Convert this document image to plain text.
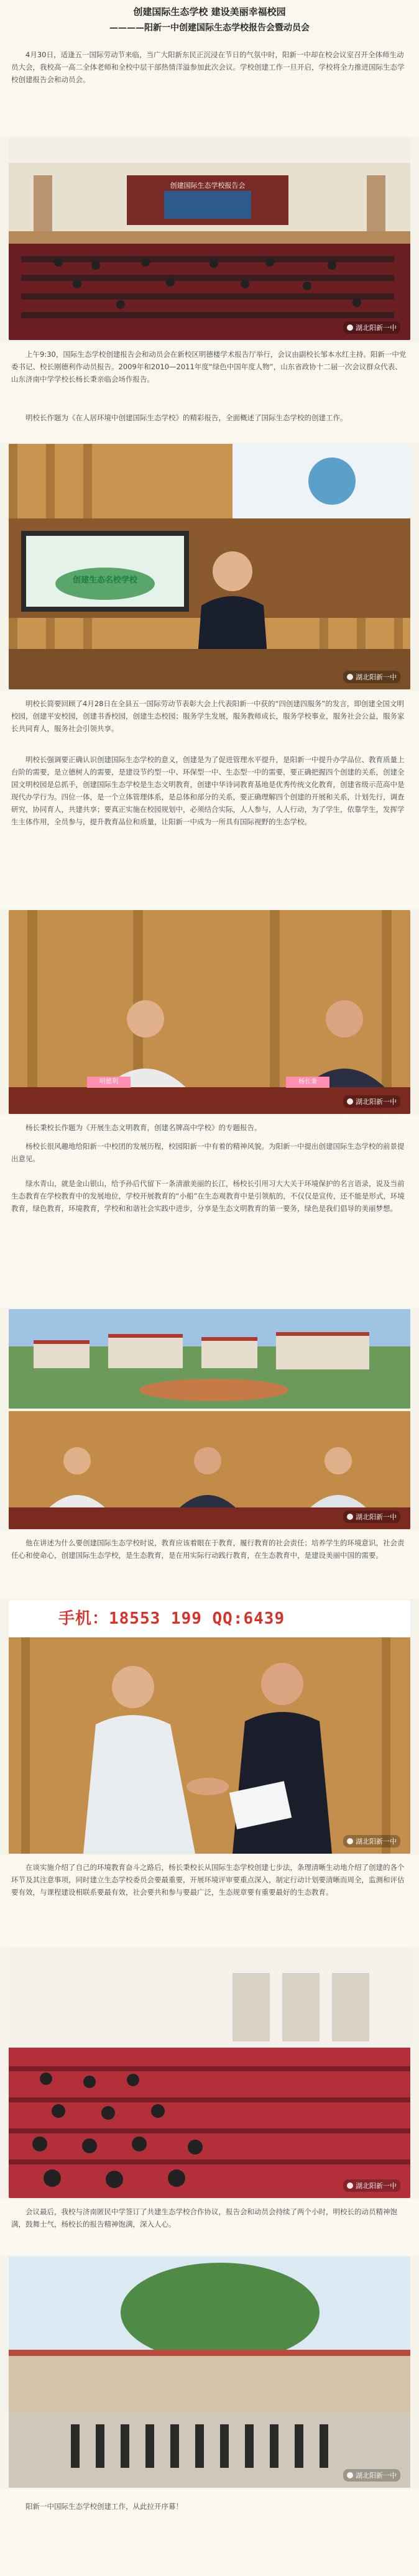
创建国际生态学校 建设美丽幸福校园
————阳新一中创建国际生态学校报告会暨动员会

4月30日，适逢五一国际劳动节来临，当广大阳新东民正沉浸在节日的气氛中时，阳新一中却在校会议室召开全体师生动员大会，我校高一高二全体老师和全校中层干部热情洋溢参加此次会议。学校创建工作一旦开启，学校将全力推进国际生态学校创建报告会和动员会。

创建国际生态学校报告会
湖北阳新一中

上午9:30，国际生态学校创建报告会和动员会在新校区明德楼学术报告厅举行，会议由副校长邹本水红主持。阳新一中党委书记、校长刚德利作动员报告。2009年和2010—2011年度“绿色中国年度人物”，山东省政协十二届一次会议群众代表、山东济南中学学校长杨长秉亲临会场作报告。

明校长作题为《在人居环境中创建国际生态学校》的精彩报告，全面概述了国际生态学校的创建工作。

创建生态名校学校
湖北阳新一中

明校长简要回顾了4月28日在全县五一国际劳动节表彰大会上代表阳新一中获的“四创建四服务”的发言，即创建全国文明校园，创建平安校园，创建书香校园，创建生态校园；服务学生发展，服务教师成长，服务学校事业，服务社会公益，服务家长共同育人，服务社会引领共享。

明校长强调要正确认识创建国际生态学校的意义，创建是为了促进管理水平提升，是阳新一中提升办学品位、教育质量上台阶的需要，是立德树人的需要，是建设节约型一中、环保型一中、生态型一中的需要，要正确把握四个创建的关系，创建全国文明校园是总抓手，创建国际生态学校是生态文明教育，创建中华诗词教育基地是优秀传统文化教育，创建省级示范高中是现代办学行为。四位一体，是一个立体管理体系，是总体和部分的关系，要正确理解四个创建的开展和关系，计划先行，调查研究，协同育人，共建共享；要真正实施在校园规划中，必须结合实际，人人参与，人人行动，为了学生，依靠学生，发挥学生主体作用，全员参与，提升教育品位和质量，让阳新一中成为一所具有国际视野的生态学校。

明德利	杨长秉
湖北阳新一中

杨长秉校长作题为《开展生态文明教育，创建名牌高中学校》的专题报告。

杨校长很风趣地给阳新一中校团的发展历程，校园阳新一中有着的精神风貌。为阳新一中提出创建国际生态学校的前景提出意见。

绿水青山，就是金山银山，给予孙后代留下一条清澈美丽的长江，杨校长引用习大大关于环境保护的名言语录，说及当前生态教育在学校教育中的发展地位，学校开展教育的“小船”在生态观教育中是引领航的，不仅仅是宣传，还不能是形式，环境教育，绿色教育，环境教育，学校和和谐社会实践中进步，分享是生态文明教育的第一要务，绿色是我们倡导的美丽梦想。

湖北阳新一中

他在讲述为什么要创建国际生态学校时说，教育应该着眼在于教育，履行教育的社会责任；培养学生的环境意识，社会责任心和使命心，创建国际生态学校，是生态教育，是在用实际行动践行教育，在生态教育中，是建设美丽中国的需要。

手机：18553 199 QQ:6439
湖北阳新一中

在谈实施介绍了自己的环境教育奋斗之路后，杨长秉校长从国际生态学校创建七步法，条理清晰生动地介绍了创建的各个环节及其注意事项，同时建立生态学校委员会要最重要，开展环境评审要重点深入，制定行动计划要清晰而周全，监测和评估要有效，与课程建设相联系要最有效，社会要共和参与要最广泛，生态规章要有重要最好的生态教育。

湖北阳新一中

会议最后，我校与济南匿民中学签订了共建生态学校合作协议，报告会和动员会持续了两个小时，明校长的动员精神饱满，鼓舞士气，杨校长的报告精神饱满，深入人心。

湖北阳新一中

阳新一中国际生态学校创建工作，从此拉开序幕！
